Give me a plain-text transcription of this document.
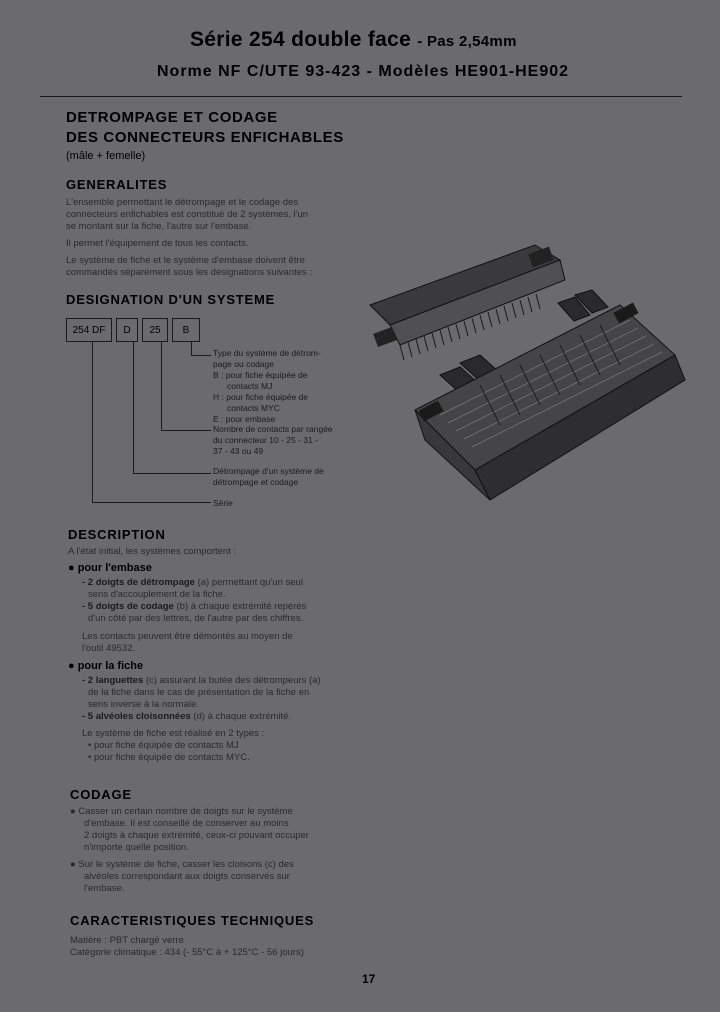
Série 254 double face - Pas 2,54mm
Norme NF C/UTE 93-423 - Modèles HE901-HE902
DETROMPAGE ET CODAGE
DES CONNECTEURS ENFICHABLES
(mâle + femelle)
GENERALITES
L'ensemble permettant le détrompage et le codage des
connecteurs enfichables est constitué de 2 systèmes, l'un
se montant sur la fiche, l'autre sur l'embase.
Il permet l'équipement de tous les contacts.
Le système de fiche et le système d'embase doivent être
commandés séparément sous les désignations suivantes :
DESIGNATION D'UN SYSTEME
254 DF	D	25	B
Type du système de détrom-
page ou codage
B : pour fiche équipée de
contacts MJ
H : pour fiche équipée de
contacts MYC
E : pour embase
Nombre de contacts par rangée
du connecteur 10 - 25 - 31 -
37 - 43 ou 49
Détrompage d'un système de
détrompage et codage
Série
DESCRIPTION
A l'état initial, les systèmes comportent :
● pour l'embase
- 2 doigts de détrompage (a) permettant qu'un seul
sens d'accouplement de la fiche.
- 5 doigts de codage (b) à chaque extrémité repérés
d'un côté par des lettres, de l'autre par des chiffres.
Les contacts peuvent être démontés au moyen de
l'outil 49532.
● pour la fiche
- 2 languettes (c) assurant la butée des détrompeurs (a)
de la fiche dans le cas de présentation de la fiche en
sens inverse à la normale.
- 5 alvéoles cloisonnées (d) à chaque extrémité.
Le système de fiche est réalisé en 2 types :
• pour fiche équipée de contacts MJ
• pour fiche équipée de contacts MYC.
CODAGE
● Casser un certain nombre de doigts sur le système
d'embase. Il est conseillé de conserver au moins
2 doigts à chaque extrémité, ceux-ci pouvant occuper
n'importe quelle position.
● Sur le système de fiche, casser les cloisons (c) des
alvéoles correspondant aux doigts conservés sur
l'embase.
CARACTERISTIQUES TECHNIQUES
Matière : PBT chargé verre
Catégorie climatique : 434 (- 55°C à + 125°C - 56 jours)
17
